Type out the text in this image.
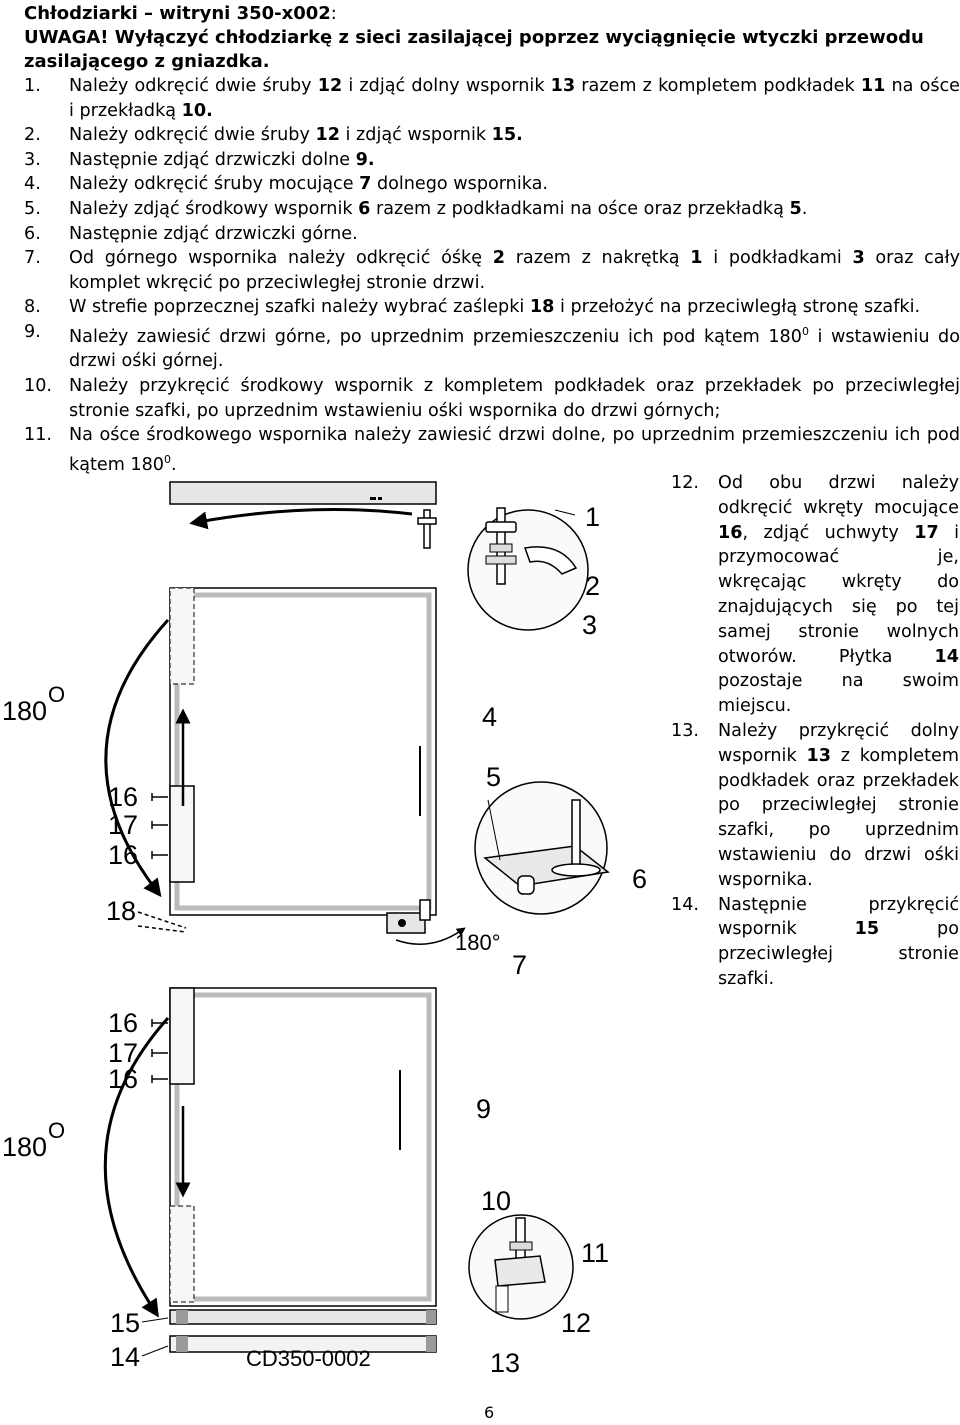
Chłodziarki – witryni 350-x002:
UWAGA! Wyłączyć chłodziarkę z sieci zasilającej poprzez wyciągnięcie wtyczki przewodu
zasilającego z gniazdka.
1. Należy odkręcić dwie śruby 12 i zdjąć dolny wspornik 13 razem z kompletem podkładek 11 na ośce i przekładką 10.
2. Należy odkręcić dwie śruby 12 i zdjąć wspornik 15.
3. Następnie zdjąć drzwiczki dolne 9.
4. Należy odkręcić śruby mocujące 7 dolnego wspornika.
5. Należy zdjąć środkowy wspornik 6 razem z podkładkami na ośce oraz przekładką 5.
6. Następnie zdjąć drzwiczki górne.
7. Od górnego wspornika należy odkręcić óśkę 2 razem z nakrętką 1 i podkładkami 3 oraz cały komplet wkręcić po przeciwległej stronie drzwi.
8. W strefie poprzecznej szafki należy wybrać zaślepki 18 i przełożyć na przeciwległą stronę szafki.
9. Należy zawiesić drzwi górne, po uprzednim przemieszczeniu ich pod kątem $180^0$ i wstawieniu do drzwi ośki górnej.
10. Należy przykręcić środkowy wspornik z kompletem podkładek oraz przekładek po przeciwległej stronie szafki, po uprzednim wstawieniu ośki wspornika do drzwi górnych;
11. Na ośce środkowego wspornika należy zawiesić drzwi dolne, po uprzednim przemieszczeniu ich pod kątem $180^0$.
12. Od obu drzwi należy odkręcić wkręty mocujące 16, zdjąć uchwyty 17 i przymocować je, wkręcając wkręty do znajdujących się po tej samej stronie wolnych otworów. Płytka 14 pozostaje na swoim miejscu.
13. Należy przykręcić dolny wspornik 13 z kompletem podkładek oraz przekładek po przeciwległej stronie szafki, po uprzednim wstawieniu do drzwi ośki wspornika.
14. Następnie przykręcić wspornik 15 po przeciwległej stronie szafki.
1
2
3
4
5
6
7
180°
16
17
16
18
16
17
16
9
10
11
12
13
15
14
180
O
180
O
CD350-0002
6
